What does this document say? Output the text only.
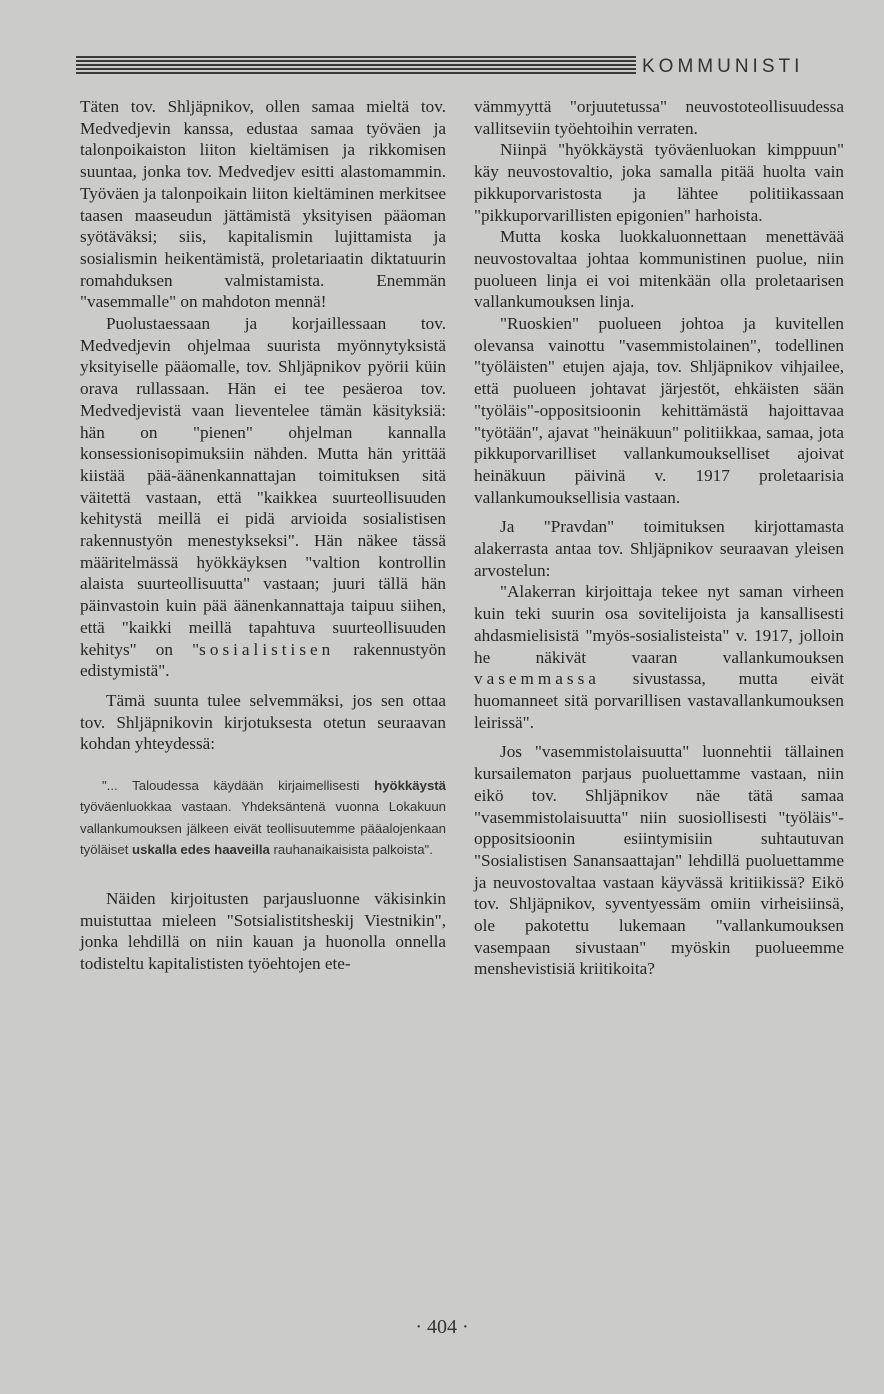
KOMMUNISTI

Täten tov. Shljäpnikov, ollen samaa mieltä tov. Medvedjevin kanssa, edustaa samaa työväen ja talonpoikaiston liiton kieltämisen ja rikkomisen suuntaa, jonka tov. Medvedjev esitti alastomammin. Työväen ja talonpoikain liiton kieltäminen merkitsee taasen maaseudun jättämistä yksityisen pääoman syötäväksi; siis, kapitalismin lujittamista ja sosialismin heikentämistä, proletariaatin diktatuurin romahduksen valmistamista. Enemmän "vasemmalle" on mahdoton mennä!

Puolustaessaan ja korjaillessaan tov. Medvedjevin ohjelmaa suurista myönnytyksistä yksityiselle pääomalle, tov. Shljäpnikov pyörii küin orava rullassaan. Hän ei tee pesäeroa tov. Medvedjevistä vaan lieventelee tämän käsityksiä: hän on "pienen" ohjelman kannalla konsessionisopimuksiin nähden. Mutta hän yrittää kiistää pää-äänenkannattajan toimituksen sitä väitettä vastaan, että "kaikkea suurteollisuuden kehitystä meillä ei pidä arvioida sosialistisen rakennustyön menestykseksi". Hän näkee tässä määritelmässä hyökkäyksen "valtion kontrollin alaista suurteollisuutta" vastaan; juuri tällä hän päinvastoin kuin pää äänenkannattaja taipuu siihen, että "kaikki meillä tapahtuva suurteollisuuden kehitys" on "sosialistisen rakennustyön edistymistä".

Tämä suunta tulee selvemmäksi, jos sen ottaa tov. Shljäpnikovin kirjotuksesta otetun seuraavan kohdan yhteydessä:

"... Taloudessa käydään kirjaimellisesti hyökkäystä työväenluokkaa vastaan. Yhdeksäntenä vuonna Lokakuun vallankumouksen jälkeen eivät teollisuutemme pääalojenkaan työläiset uskalla edes haaveilla rauhanaikaisista palkoista".

Näiden kirjoitusten parjausluonne väkisinkin muistuttaa mieleen "Sotsialistitsheskij Viestnikin", jonka lehdillä on niin kauan ja huonolla onnella todisteltu kapitalististen työehtojen ete-

vämmyyttä "orjuutetussa" neuvostoteollisuudessa vallitseviin työehtoihin verraten.

Niinpä "hyökkäystä työväenluokan kimppuun" käy neuvostovaltio, joka samalla pitää huolta vain pikkuporvaristosta ja lähtee politiikassaan "pikkuporvarillisten epigonien" harhoista.

Mutta koska luokkaluonnettaan menettävää neuvostovaltaa johtaa kommunistinen puolue, niin puolueen linja ei voi mitenkään olla proletaarisen vallankumouksen linja.

"Ruoskien" puolueen johtoa ja kuvitellen olevansa vainottu "vasemmistolainen", todellinen "työläisten" etujen ajaja, tov. Shljäpnikov vihjailee, että puolueen johtavat järjestöt, ehkäisten sään "työläis"-oppositsioonin kehittämästä hajoittavaa "työtään", ajavat "heinäkuun" politiikkaa, samaa, jota pikkuporvarilliset vallankumoukselliset ajoivat heinäkuun päivinä v. 1917 proletaarisia vallankumouksellisia vastaan.

Ja "Pravdan" toimituksen kirjottamasta alakerrasta antaa tov. Shljäpnikov seuraavan yleisen arvostelun:

"Alakerran kirjoittaja tekee nyt saman virheen kuin teki suurin osa sovitelijoista ja kansallisesti ahdasmielisistä "myös-sosialisteista" v. 1917, jolloin he näkivät vaaran vallankumouksen vasemmassa sivustassa, mutta eivät huomanneet sitä porvarillisen vastavallankumouksen leirissä".

Jos "vasemmistolaisuutta" luonnehtii tällainen kursailematon parjaus puoluettamme vastaan, niin eikö tov. Shljäpnikov näe tätä samaa "vasemmistolaisuutta" niin suosiollisesti "työläis"-oppositsioonin esiintymisiin suhtautuvan "Sosialistisen Sanansaattajan" lehdillä puoluettamme ja neuvostovaltaa vastaan käyvässä kritiikissä? Eikö tov. Shljäpnikov, syventyessäm omiin virheisiinsä, ole pakotettu lukemaan "vallankumouksen vasempaan sivustaan" myöskin puolueemme menshevistisiä kriitikoita?

· 404 ·
